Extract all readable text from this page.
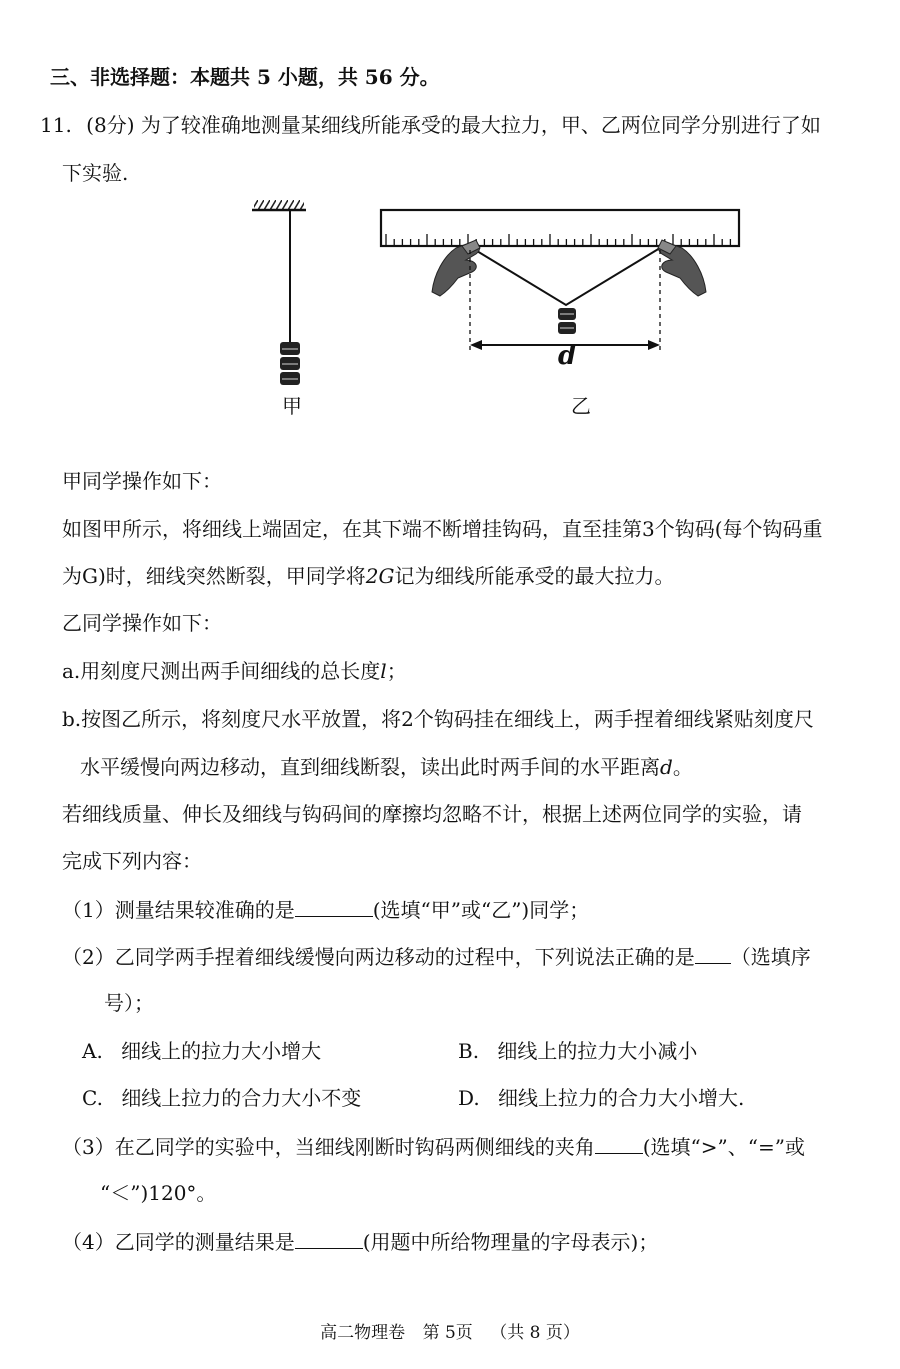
三、非选择题：本题共 5 小题，共 56 分。
11. (8分) 为了较准确地测量某细线所能承受的最大拉力，甲、乙两位同学分别进行了如
下实验.
d
甲	乙
甲同学操作如下：
如图甲所示，将细线上端固定，在其下端不断增挂钩码，直至挂第3个钩码(每个钩码重
为G)时，细线突然断裂，甲同学将2G记为细线所能承受的最大拉力。
乙同学操作如下：
a.用刻度尺测出两手间细线的总长度l；
b.按图乙所示，将刻度尺水平放置，将2个钩码挂在细线上，两手捏着细线紧贴刻度尺
水平缓慢向两边移动，直到细线断裂，读出此时两手间的水平距离d。
若细线质量、伸长及细线与钩码间的摩擦均忽略不计，根据上述两位同学的实验，请
完成下列内容：
（1）测量结果较准确的是	(选填“甲”或“乙”)同学；
（2）乙同学两手捏着细线缓慢向两边移动的过程中，下列说法正确的是 （选填序
号）；
A. 细线上的拉力大小增大	B. 细线上的拉力大小减小
C. 细线上拉力的合力大小不变	D. 细线上拉力的合力大小增大.
（3）在乙同学的实验中，当细线刚断时钩码两侧细线的夹角 (选填“>”、“=”或
“＜”)120°。
（4）乙同学的测量结果是	(用题中所给物理量的字母表示)；
高二物理卷 第 5页 （共 8 页）
